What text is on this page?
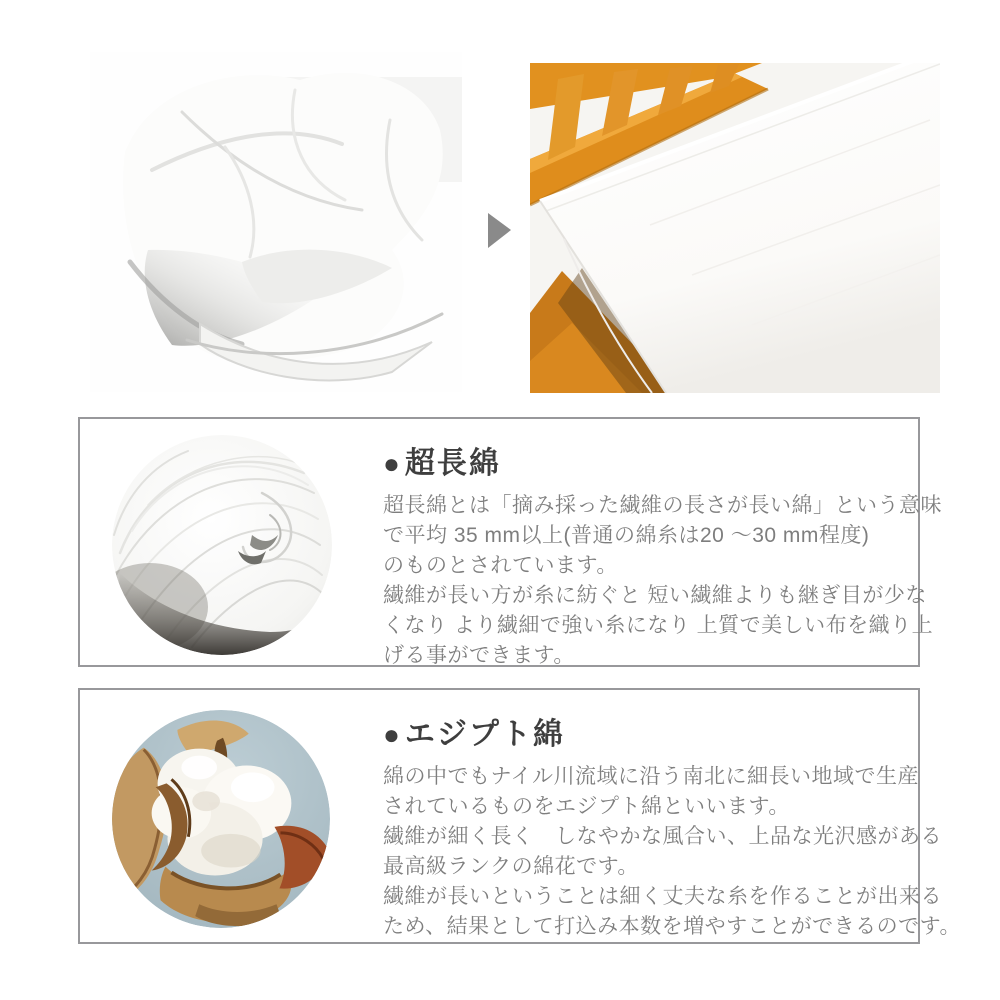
● 超長綿
超長綿とは「摘み採った繊維の長さが長い綿」という意味
で平均 35 mm以上(普通の綿糸は20 ～30 mm程度)
のものとされています。
繊維が長い方が糸に紡ぐと 短い繊維よりも継ぎ目が少な
くなり より繊細で強い糸になり 上質で美しい布を織り上
げる事ができます。
● エジプト綿
綿の中でもナイル川流域に沿う南北に細長い地域で生産
されているものをエジプト綿といいます。
繊維が細く長く　しなやかな風合い、上品な光沢感がある
最高級ランクの綿花です。
繊維が長いということは細く丈夫な糸を作ることが出来る
ため、結果として打込み本数を増やすことができるのです。
